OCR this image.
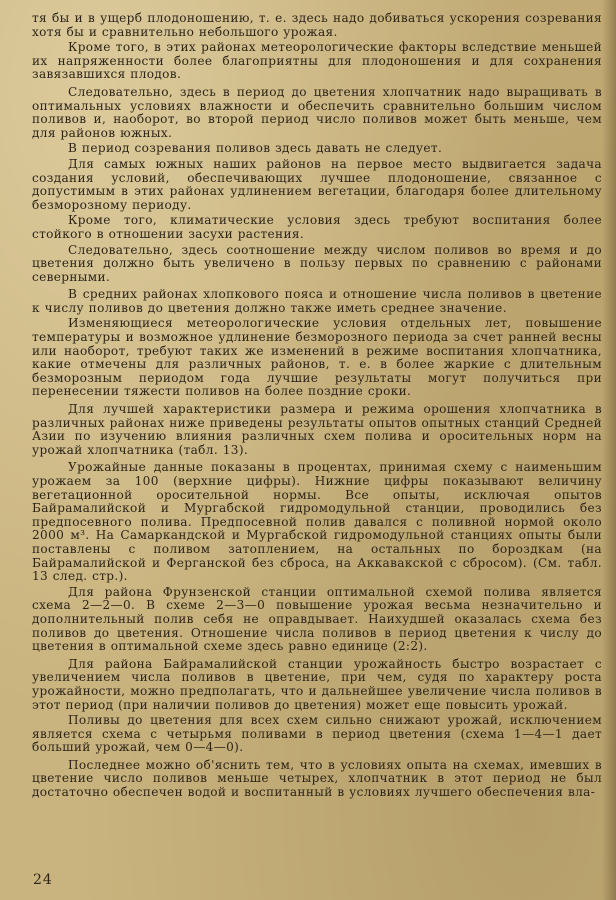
тя бы и в ущерб плодоношению, т. е. здесь надо добиваться ускорения созревания хотя бы и сравнительно небольшого урожая.

Кроме того, в этих районах метеорологические факторы вследствие меньшей их напряженности более благоприятны для плодоношения и для сохранения завязавшихся плодов.

Следовательно, здесь в период до цветения хлопчатник надо выращивать в оптимальных условиях влажности и обеспечить сравнительно большим числом поливов и, наоборот, во второй период число поливов может быть меньше, чем для районов южных.

В период созревания поливов здесь давать не следует.

Для самых южных наших районов на первое место выдвигается задача создания условий, обеспечивающих лучшее плодоношение, связанное с допустимым в этих районах удлинением вегетации, благодаря более длительному безморозному периоду.

Кроме того, климатические условия здесь требуют воспитания более стойкого в отношении засухи растения.

Следовательно, здесь соотношение между числом поливов во время и до цветения должно быть увеличено в пользу первых по сравнению с районами северными.

В средних районах хлопкового пояса и отношение числа поливов в цветение к числу поливов до цветения должно также иметь среднее значение.

Изменяющиеся метеорологические условия отдельных лет, повышение температуры и возможное удлинение безморозного периода за счет ранней весны или наоборот, требуют таких же изменений в режиме воспитания хлопчатника, какие отмечены для различных районов, т. е. в более жаркие с длительным безморозным периодом года лучшие результаты могут получиться при перенесении тяжести поливов на более поздние сроки.

Для лучшей характеристики размера и режима орошения хлопчатника в различных районах ниже приведены результаты опытов опытных станций Средней Азии по изучению влияния различных схем полива и оросительных норм на урожай хлопчатника (табл. 13).

Урожайные данные показаны в процентах, принимая схему с наименьшим урожаем за 100 (верхние цифры). Нижние цифры показывают величину вегетационной оросительной нормы. Все опыты, исключая опытов Байрамалийской и Мургабской гидромодульной станции, проводились без предпосевного полива. Предпосевной полив давался с поливной нормой около 2000 м³. На Самаркандской и Мургабской гидромодульной станциях опыты были поставлены с поливом затоплением, на остальных по бороздкам (на Байрамалийской и Ферганской без сброса, на Аккавакской с сбросом). (См. табл. 13 след. стр.).

Для района Фрунзенской станции оптимальной схемой полива является схема 2—2—0. В схеме 2—3—0 повышение урожая весьма незначительно и дополнительный полив себя не оправдывает. Наихудшей оказалась схема без поливов до цветения. Отношение числа поливов в период цветения к числу до цветения в оптимальной схеме здесь равно единице (2:2).

Для района Байрамалийской станции урожайность быстро возрастает с увеличением числа поливов в цветение, при чем, судя по характеру роста урожайности, можно предполагать, что и дальнейшее увеличение числа поливов в этот период (при наличии поливов до цветения) может еще повысить урожай.

Поливы до цветения для всех схем сильно снижают урожай, исключением является схема с четырьмя поливами в период цветения (схема 1—4—1 дает больший урожай, чем 0—4—0).

Последнее можно об'яснить тем, что в условиях опыта на схемах, имевших в цветение число поливов меньше четырех, хлопчатник в этот период не был достаточно обеспечен водой и воспитанный в условиях лучшего обеспечения вла-

24
